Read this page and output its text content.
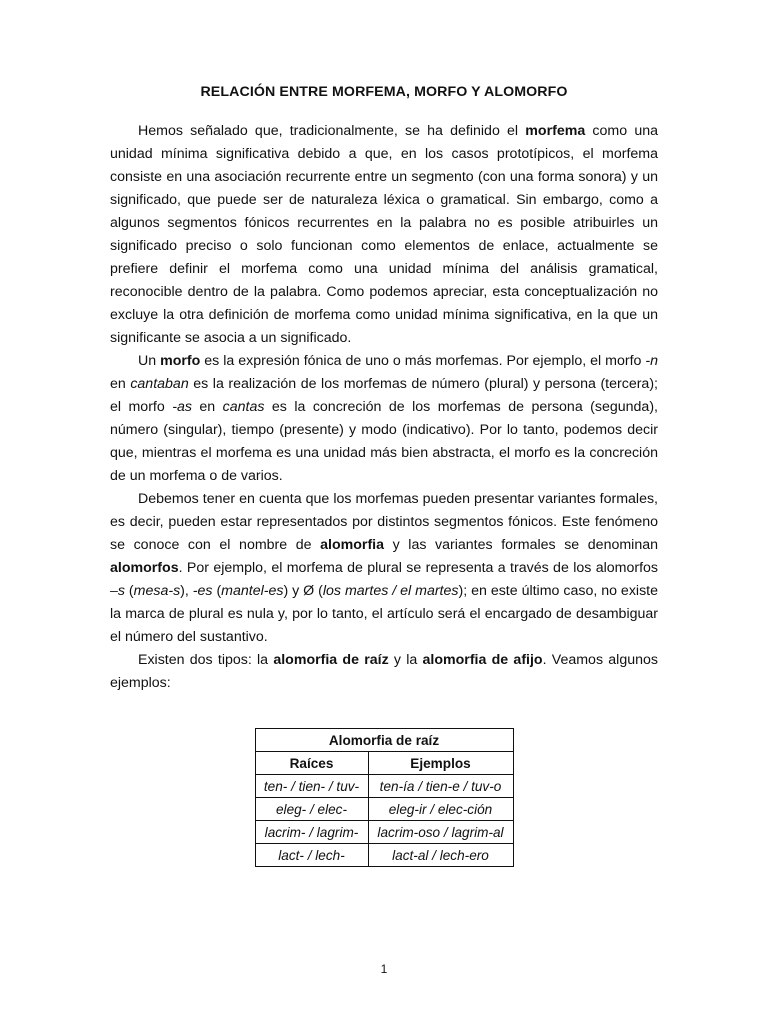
RELACIÓN ENTRE MORFEMA, MORFO Y ALOMORFO

Hemos señalado que, tradicionalmente, se ha definido el morfema como una unidad mínima significativa debido a que, en los casos prototípicos, el morfema consiste en una asociación recurrente entre un segmento (con una forma sonora) y un significado, que puede ser de naturaleza léxica o gramatical. Sin embargo, como a algunos segmentos fónicos recurrentes en la palabra no es posible atribuirles un significado preciso o solo funcionan como elementos de enlace, actualmente se prefiere definir el morfema como una unidad mínima del análisis gramatical, reconocible dentro de la palabra. Como podemos apreciar, esta conceptualización no excluye la otra definición de morfema como unidad mínima significativa, en la que un significante se asocia a un significado.

Un morfo es la expresión fónica de uno o más morfemas. Por ejemplo, el morfo -n en cantaban es la realización de los morfemas de número (plural) y persona (tercera); el morfo -as en cantas es la concreción de los morfemas de persona (segunda), número (singular), tiempo (presente) y modo (indicativo). Por lo tanto, podemos decir que, mientras el morfema es una unidad más bien abstracta, el morfo es la concreción de un morfema o de varios.

Debemos tener en cuenta que los morfemas pueden presentar variantes formales, es decir, pueden estar representados por distintos segmentos fónicos. Este fenómeno se conoce con el nombre de alomorfia y las variantes formales se denominan alomorfos. Por ejemplo, el morfema de plural se representa a través de los alomorfos –s (mesa-s), -es (mantel-es) y Ø (los martes / el martes); en este último caso, no existe la marca de plural es nula y, por lo tanto, el artículo será el encargado de desambiguar el número del sustantivo.

Existen dos tipos: la alomorfia de raíz y la alomorfia de afijo. Veamos algunos ejemplos:

Alomorfia de raíz	
Raíces	Ejemplos
ten- / tien- / tuv-	ten-ía / tien-e / tuv-o
eleg- / elec-	eleg-ir / elec-ción
lacrim- / lagrim-	lacrim-oso / lagrim-al
lact- / lech-	lact-al / lech-ero
1
